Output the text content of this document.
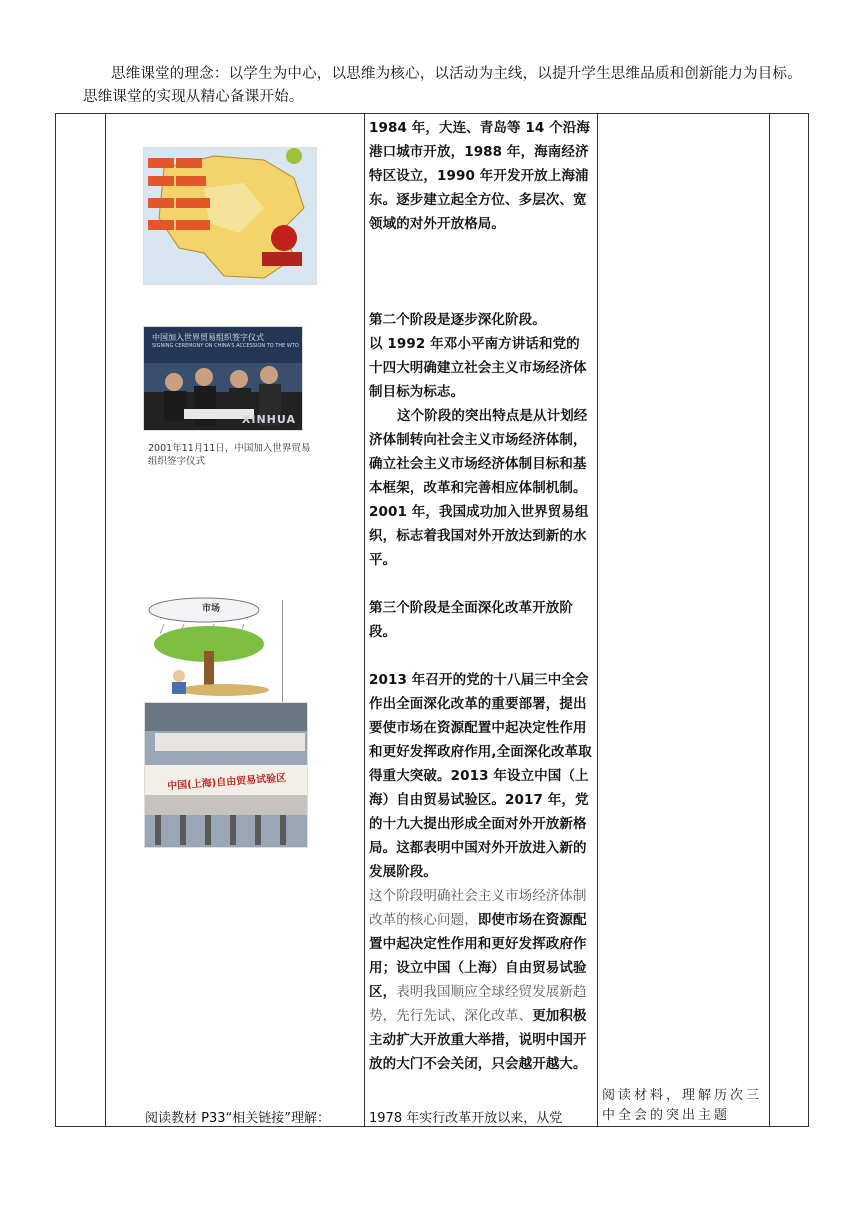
思维课堂的理念：以学生为中心，以思维为核心，以活动为主线，以提升学生思维品质和创新能力为目标。思维课堂的实现从精心备课开始。
中国加入世界贸易组织签字仪式
SIGNING CEREMONY ON CHINA'S ACCESSION TO THE WTO
XINHUA
2001年11月11日，中国加入世界贸易组织签字仪式
市场
中国(上海)自由贸易试验区

1984 年，大连、青岛等 14 个沿海港口城市开放，1988 年，海南经济特区设立，1990 年开发开放上海浦东。逐步建立起全方位、多层次、宽领域的对外开放格局。

第二个阶段是逐步深化阶段。

以 1992 年邓小平南方讲话和党的十四大明确建立社会主义市场经济体制目标为标志。

这个阶段的突出特点是从计划经济体制转向社会主义市场经济体制，确立社会主义市场经济体制目标和基本框架，改革和完善相应体制机制。2001 年，我国成功加入世界贸易组织，标志着我国对外开放达到新的水平。

第三个阶段是全面深化改革开放阶段。

2013 年召开的党的十八届三中全会作出全面深化改革的重要部署，提出要使市场在资源配置中起决定性作用和更好发挥政府作用,全面深化改革取得重大突破。2013 年设立中国（上海）自由贸易试验区。2017 年，党的十九大提出形成全面对外开放新格局。这都表明中国对外开放进入新的发展阶段。

这个阶段明确社会主义市场经济体制改革的核心问题，即使市场在资源配置中起决定性作用和更好发挥政府作用；设立中国（上海）自由贸易试验区，表明我国顺应全球经贸发展新趋势，先行先试、深化改革、更加积极主动扩大开放重大举措，说明中国开放的大门不会关闭，只会越开越大。

阅读教材 P33“相关链接”理解：	1978 年实行改革开放以来，从党
阅读材料，理解历次三中全会的突出主题
